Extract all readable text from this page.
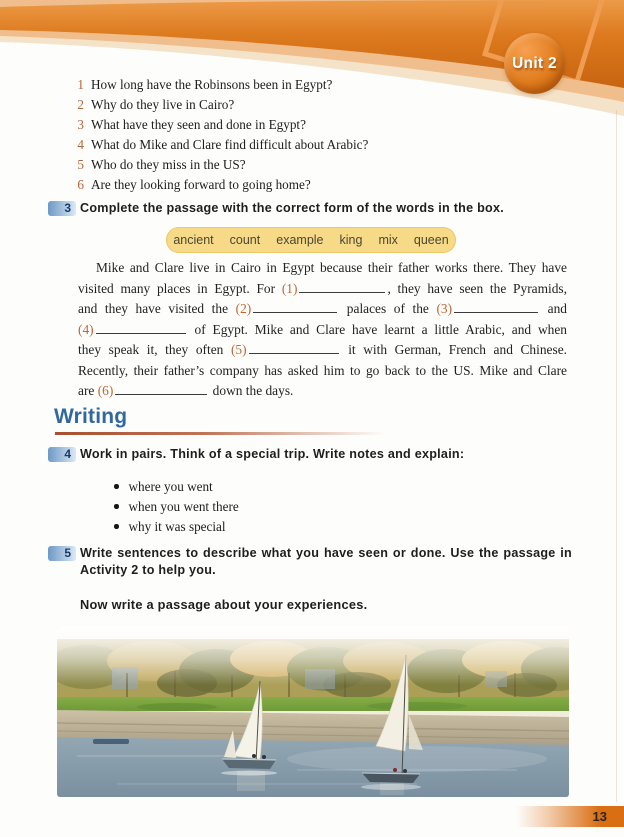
Unit 2
1 How long have the Robinsons been in Egypt?
2 Why do they live in Cairo?
3 What have they seen and done in Egypt?
4 What do Mike and Clare find difficult about Arabic?
5 Who do they miss in the US?
6 Are they looking forward to going home?
3 Complete the passage with the correct form of the words in the box.
ancient count example king mix queen
Mike and Clare live in Cairo in Egypt because their father works there. They have
visited many places in Egypt. For (1)	, they have seen the Pyramids,
and they have visited the (2)	palaces of the (3)	and
(4)	of Egypt. Mike and Clare have learnt a little Arabic, and when
they speak it, they often (5)	it with German, French and Chinese.
Recently, their father’s company has asked him to go back to the US. Mike and Clare
are (6)	down the days.
Writing
4 Work in pairs. Think of a special trip. Write notes and explain:
where you went
when you went there
why it was special
5 Write sentences to describe what you have seen or done. Use the passage in
Activity 2 to help you.
Now write a passage about your experiences.
13
